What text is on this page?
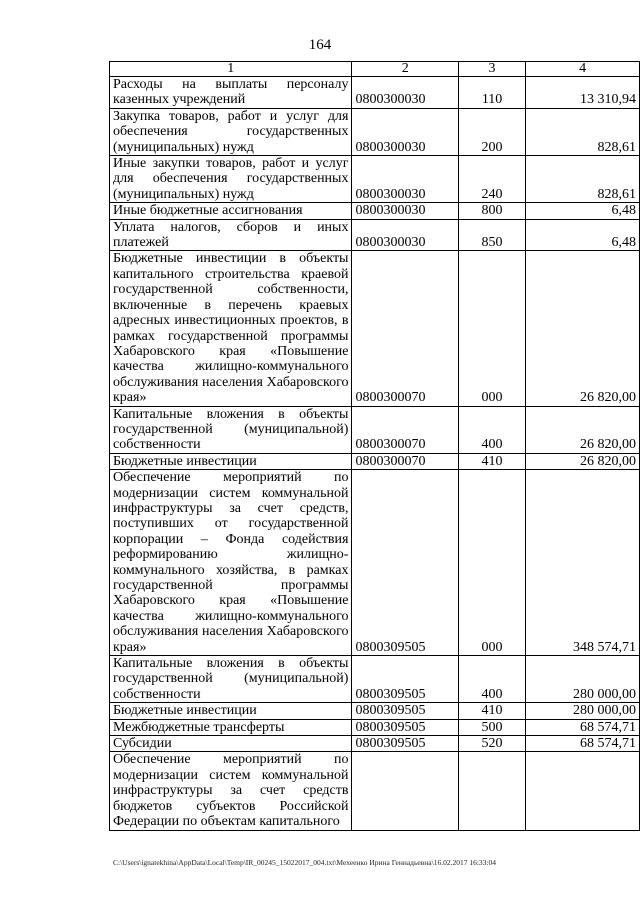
164
1	2	3	4
Расходы на выплаты персоналу казенных учреждений	0800300030	110	13 310,94
Закупка товаров, работ и услуг для обеспечения государственных (муниципальных) нужд	0800300030	200	828,61
Иные закупки товаров, работ и услуг для обеспечения государственных (муниципальных) нужд	0800300030	240	828,61
Иные бюджетные ассигнования	0800300030	800	6,48
Уплата налогов, сборов и иных платежей	0800300030	850	6,48
Бюджетные инвестиции в объекты капитального строительства краевой государственной собственности, включенные в перечень краевых адресных инвестиционных проектов, в рамках государственной программы Хабаровского края «Повышение качества жилищно-коммунального обслуживания населения Хабаровского края»	0800300070	000	26 820,00
Капитальные вложения в объекты государственной (муниципальной) собственности	0800300070	400	26 820,00
Бюджетные инвестиции	0800300070	410	26 820,00
Обеспечение мероприятий по модернизации систем коммунальной инфраструктуры за счет средств, поступивших от государственной корпорации – Фонда содействия реформированию жилищно-коммунального хозяйства, в рамках государственной программы Хабаровского края «Повышение качества жилищно-коммунального обслуживания населения Хабаровского края»	0800309505	000	348 574,71
Капитальные вложения в объекты государственной (муниципальной) собственности	0800309505	400	280 000,00
Бюджетные инвестиции	0800309505	410	280 000,00
Межбюджетные трансферты	0800309505	500	68 574,71
Субсидии	0800309505	520	68 574,71
Обеспечение мероприятий по модернизации систем коммунальной инфраструктуры за счет средств бюджетов субъектов Российской Федерации по объектам капитального			
C:\Users\ignatekhina\AppData\Local\Temp\IR_00245_15022017_004.txt\Мехеенко Ирина Геннадьевна\16.02.2017 16:33:04
